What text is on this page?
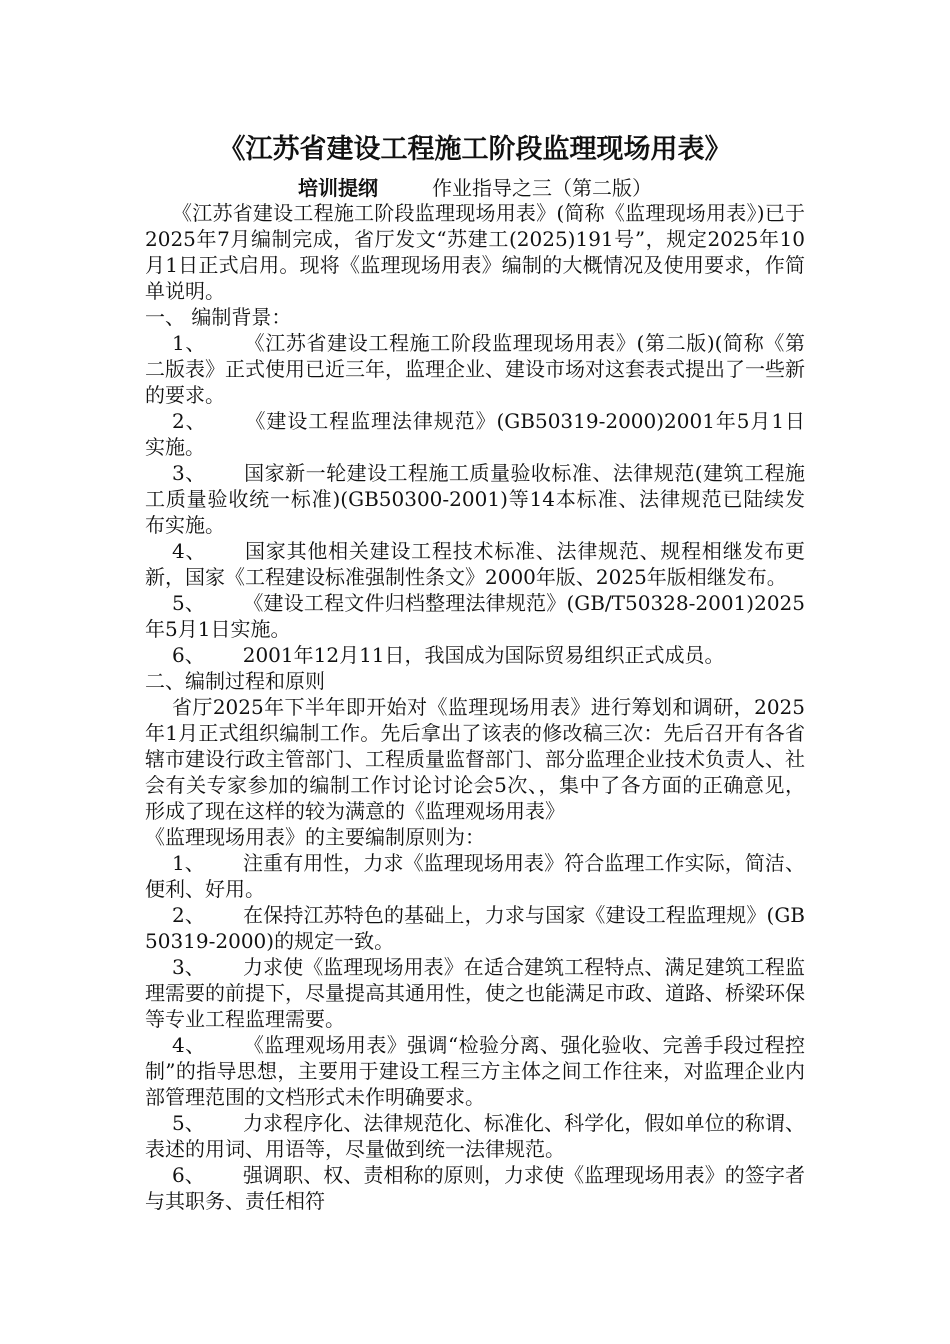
《江苏省建设工程施工阶段监理现场用表》
培训提纲	作业指导之三（第二版）

《江苏省建设工程施工阶段监理现场用表》(简称《监理现场用表》)已于2025年7月编制完成，省厅发文“苏建工(2025)191号”，规定2025年10月1日正式启用。现将《监理现场用表》编制的大概情况及使用要求，作简单说明。

一、 编制背景：

1、 《江苏省建设工程施工阶段监理现场用表》(第二版)(简称《第二版表》正式使用已近三年，监理企业、建设市场对这套表式提出了一些新的要求。

2、 《建设工程监理法律规范》(GB50319-2000)2001年5月1日实施。

3、 国家新一轮建设工程施工质量验收标准、法律规范(建筑工程施工质量验收统一标准)(GB50300-2001)等14本标准、法律规范已陆续发布实施。

4、 国家其他相关建设工程技术标准、法律规范、规程相继发布更新，国家《工程建设标准强制性条文》2000年版、2025年版相继发布。

5、 《建设工程文件归档整理法律规范》(GB/T50328-2001)2025年5月1日实施。

6、 2001年12月11日，我国成为国际贸易组织正式成员。

二、编制过程和原则

省厅2025年下半年即开始对《监理现场用表》进行筹划和调研，2025年1月正式组织编制工作。先后拿出了该表的修改稿三次：先后召开有各省辖市建设行政主管部门、工程质量监督部门、部分监理企业技术负责人、社会有关专家参加的编制工作讨论讨论会5次、，集中了各方面的正确意见，形成了现在这样的较为满意的《监理观场用表》

《监理现场用表》的主要编制原则为：

1、 注重有用性，力求《监理现场用表》符合监理工作实际，简洁、便利、好用。

2、 在保持江苏特色的基础上，力求与国家《建设工程监理规》(GB50319-2000)的规定一致。

3、 力求使《监理现场用表》在适合建筑工程特点、满足建筑工程监理需要的前提下，尽量提高其通用性，使之也能满足市政、道路、桥梁环保等专业工程监理需要。

4、 《监理观场用表》强调“检验分离、强化验收、完善手段过程控制”的指导思想，主要用于建设工程三方主体之间工作往来，对监理企业内部管理范围的文档形式未作明确要求。

5、 力求程序化、法律规范化、标准化、科学化，假如单位的称谓、表述的用词、用语等，尽量做到统一法律规范。

6、 强调职、权、责相称的原则，力求使《监理现场用表》的签字者与其职务、责任相符
